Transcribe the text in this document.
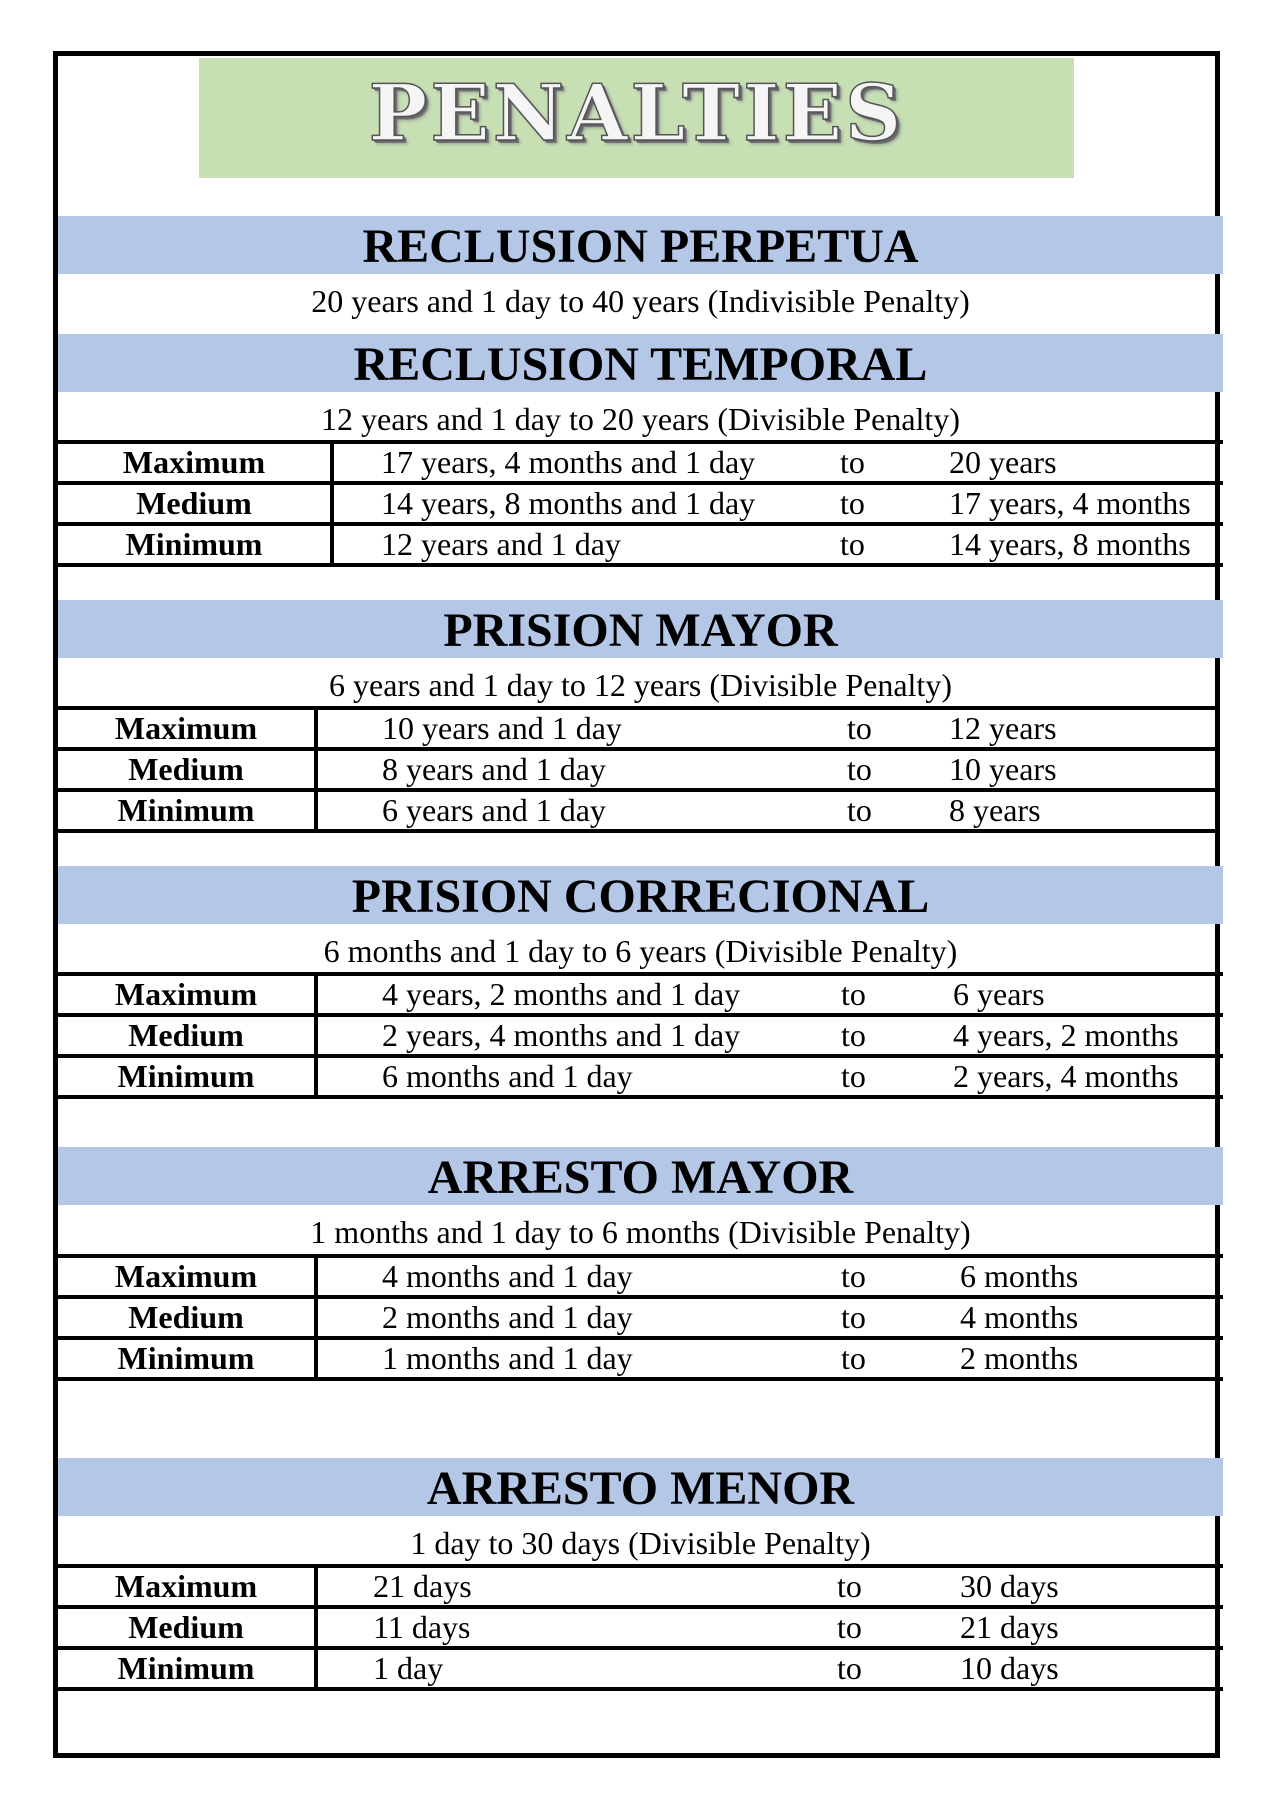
PENALTIES
RECLUSION PERPETUA
20 years and 1 day to 40 years (Indivisible Penalty)
RECLUSION TEMPORAL
12 years and 1 day to 20 years (Divisible Penalty)
Maximum	17 years, 4 months and 1 day	to	20 years
Medium	14 years, 8 months and 1 day	to	17 years, 4 months
Minimum	12 years and 1 day	to	14 years, 8 months
PRISION MAYOR
6 years and 1 day to 12 years (Divisible Penalty)
Maximum	10 years and 1 day	to	12 years
Medium	8 years and 1 day	to	10 years
Minimum	6 years and 1 day	to	8 years
PRISION CORRECIONAL
6 months and 1 day to 6 years (Divisible Penalty)
Maximum	4 years, 2 months and 1 day	to	6 years
Medium	2 years, 4 months and 1 day	to	4 years, 2 months
Minimum	6 months and 1 day	to	2 years, 4 months
ARRESTO MAYOR
1 months and 1 day to 6 months (Divisible Penalty)
Maximum	4 months and 1 day	to	6 months
Medium	2 months and 1 day	to	4 months
Minimum	1 months and 1 day	to	2 months
ARRESTO MENOR
1 day to 30 days (Divisible Penalty)
Maximum	21 days	to	30 days
Medium	11 days	to	21 days
Minimum	1 day	to	10 days
